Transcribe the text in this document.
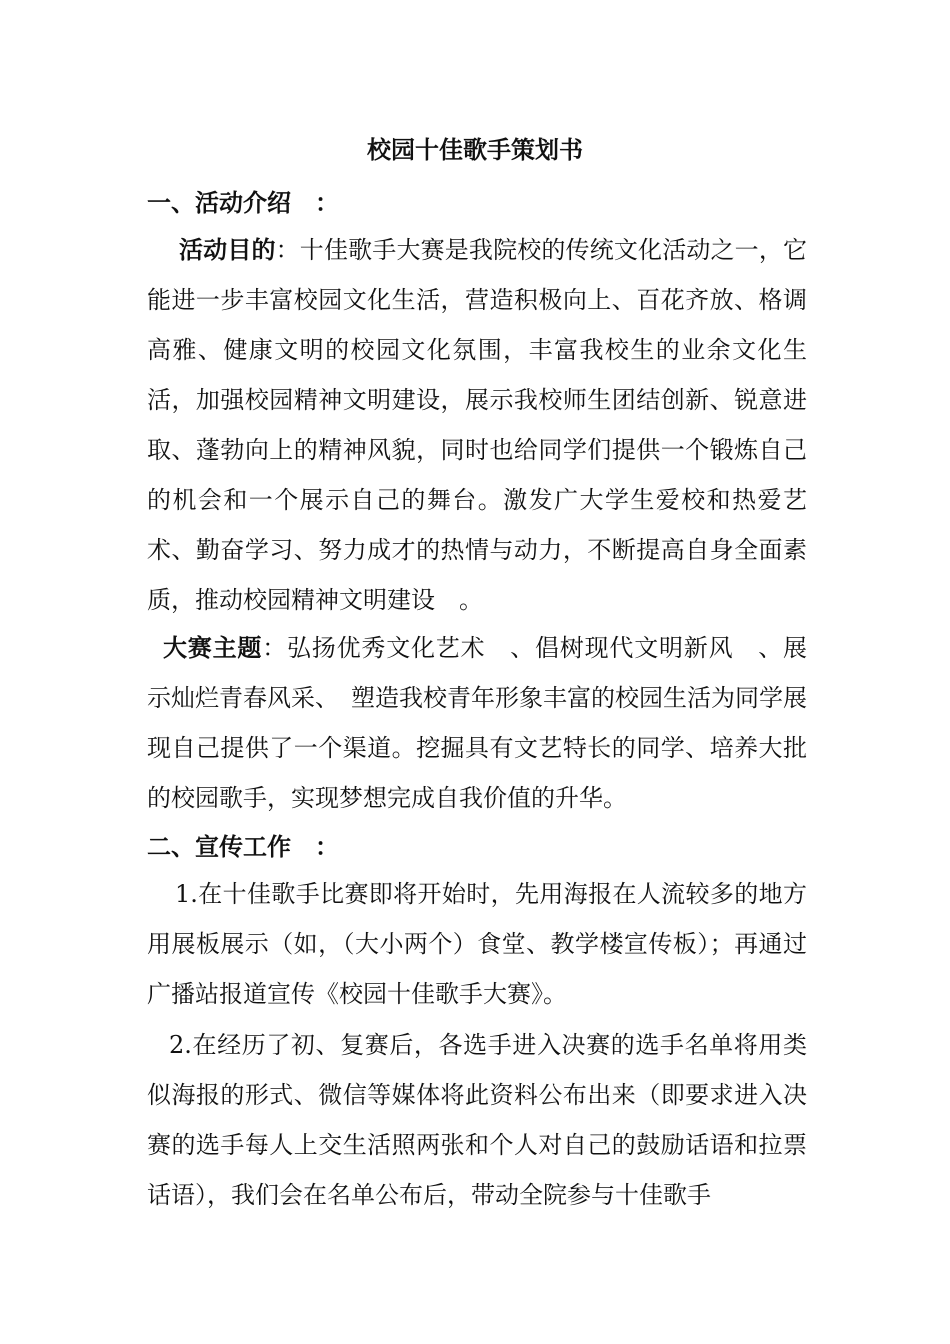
校园十佳歌手策划书
一、活动介绍　：
活动目的：十佳歌手大赛是我院校的传统文化活动之一，它能进一步丰富校园文化生活，营造积极向上、百花齐放、格调高雅、健康文明的校园文化氛围，丰富我校生的业余文化生活，加强校园精神文明建设，展示我校师生团结创新、锐意进取、蓬勃向上的精神风貌，同时也给同学们提供一个锻炼自己的机会和一个展示自己的舞台。激发广大学生爱校和热爱艺术、勤奋学习、努力成才的热情与动力，不断提高自身全面素质，推动校园精神文明建设　。
大赛主题：弘扬优秀文化艺术　、倡树现代文明新风　、展示灿烂青春风采、　塑造我校青年形象丰富的校园生活为同学展现自己提供了一个渠道。挖掘具有文艺特长的同学、培养大批的校园歌手，实现梦想完成自我价值的升华。
二、宣传工作　：
1.在十佳歌手比赛即将开始时，先用海报在人流较多的地方用展板展示（如，（大小两个）食堂、教学楼宣传板）；再通过广播站报道宣传《校园十佳歌手大赛》。
2.在经历了初、复赛后，各选手进入决赛的选手名单将用类似海报的形式、微信等媒体将此资料公布出来（即要求进入决赛的选手每人上交生活照两张和个人对自己的鼓励话语和拉票话语），我们会在名单公布后，带动全院参与十佳歌手
